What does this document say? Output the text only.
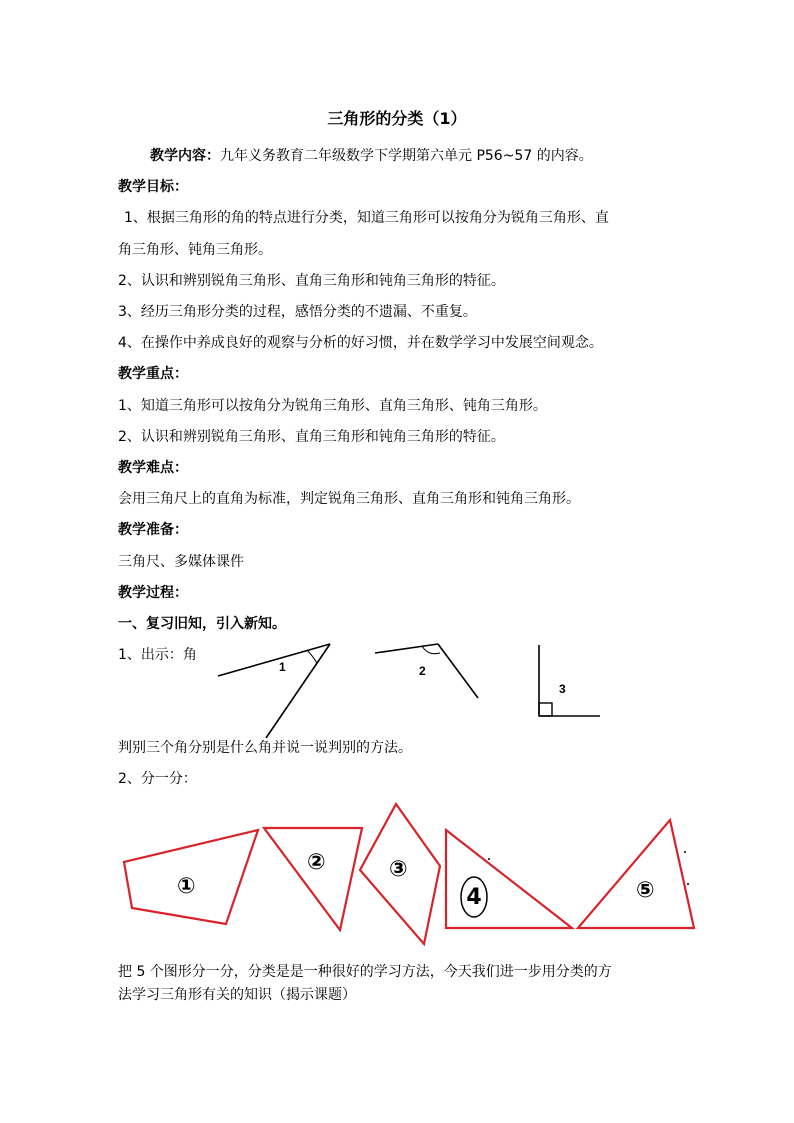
三角形的分类（1）
教学内容：九年义务教育二年级数学下学期第六单元 P56~57 的内容。
教学目标：
1、根据三角形的角的特点进行分类，知道三角形可以按角分为锐角三角形、直
角三角形、钝角三角形。
2、认识和辨别锐角三角形、直角三角形和钝角三角形的特征。
3、经历三角形分类的过程，感悟分类的不遗漏、不重复。
4、在操作中养成良好的观察与分析的好习惯，并在数学学习中发展空间观念。
教学重点：
1、知道三角形可以按角分为锐角三角形、直角三角形、钝角三角形。
2、认识和辨别锐角三角形、直角三角形和钝角三角形的特征。
教学难点：
会用三角尺上的直角为标准，判定锐角三角形、直角三角形和钝角三角形。
教学准备：
三角尺、多媒体课件
教学过程：
一、复习旧知，引入新知。
1、出示：角
1	2
3
判别三个角分别是什么角并说一说判别的方法。
2、分一分：
①
②	③
4	⑤
把 5 个图形分一分，分类是是一种很好的学习方法，今天我们进一步用分类的方
法学习三角形有关的知识（揭示课题）
